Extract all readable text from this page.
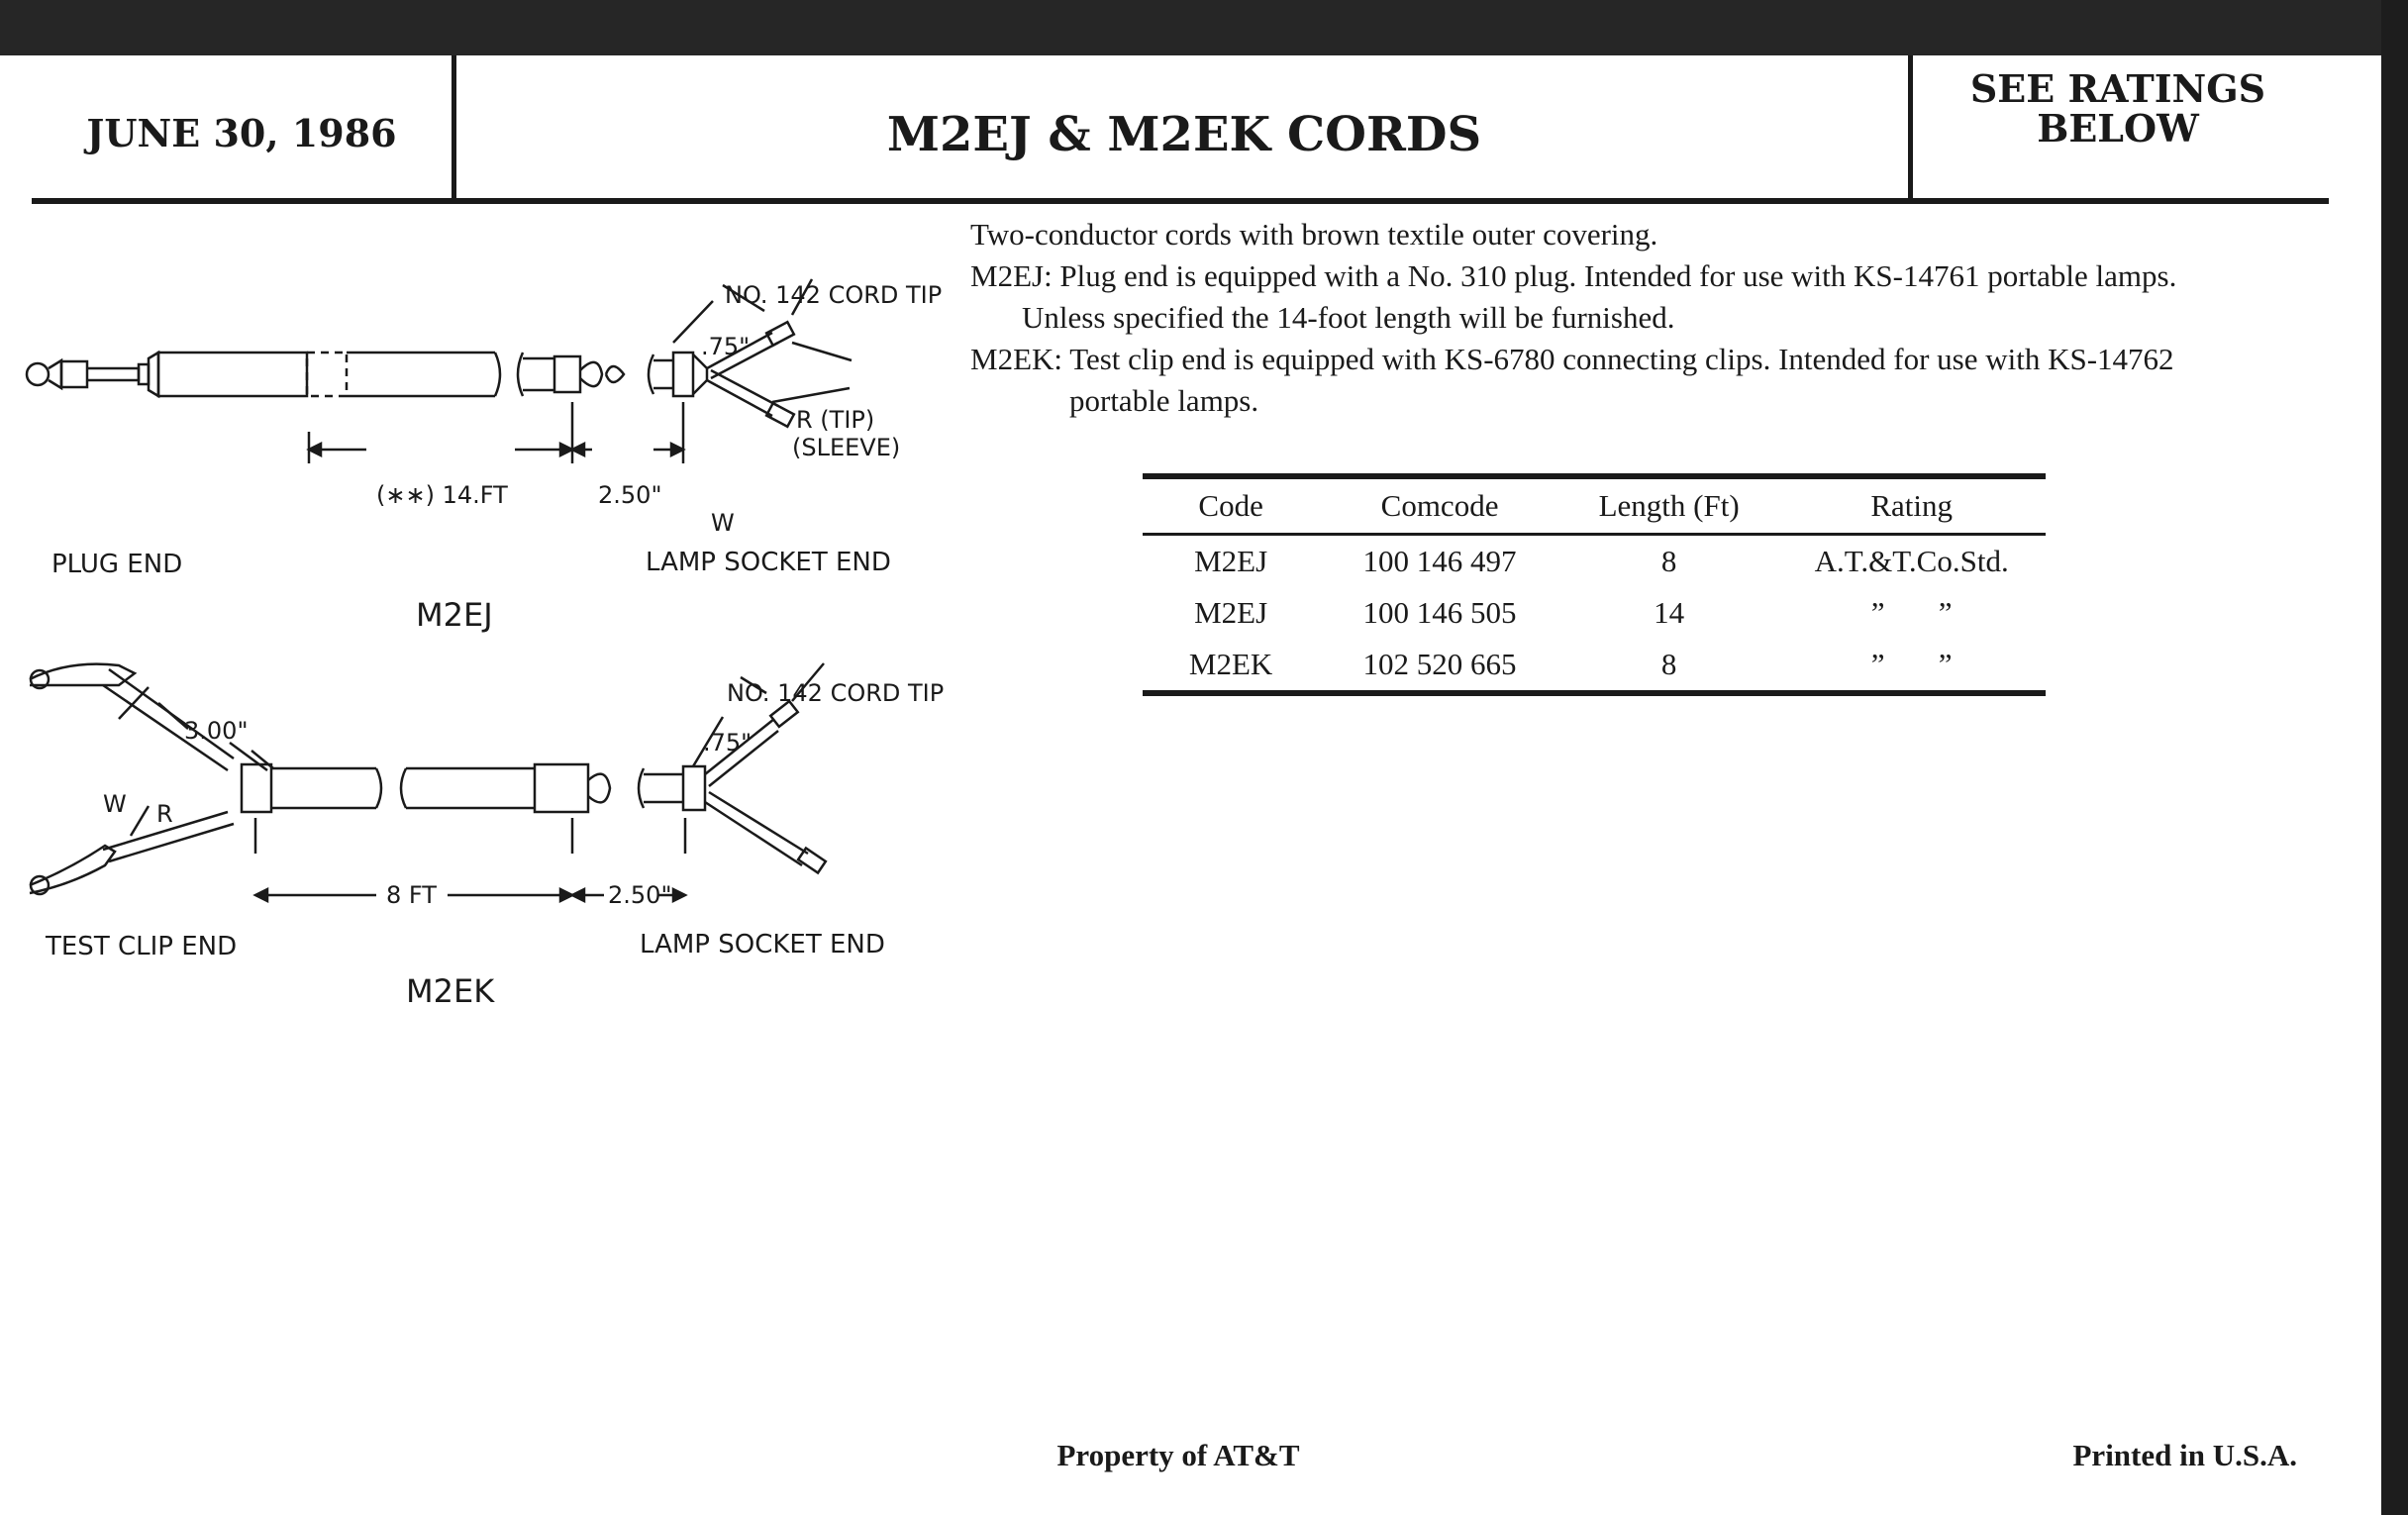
JUNE 30, 1986	M2EJ & M2EK CORDS
SEE RATINGS
BELOW
NO. 142 CORD TIP
.75"
R (TIP)
(SLEEVE)
W
(∗∗) 14.FT	2.50"
PLUG END	LAMP SOCKET END
M2EJ
NO. 142 CORD TIP
.75"
3.00"
W R
8 FT	2.50"
TEST CLIP END	LAMP SOCKET END
M2EK

Two-conductor cords with brown textile outer covering.

M2EJ: Plug end is equipped with a No. 310 plug. Intended for use with KS-14761 portable lamps.

Unless specified the 14-foot length will be furnished.

M2EK: Test clip end is equipped with KS-6780 connecting clips. Intended for use with KS-14762

portable lamps.

Code	Comcode	Length (Ft)	Rating
M2EJ	100 146 497	8	A.T.&T.Co.Std.
M2EJ	100 146 505	14	”       ”
M2EK	102 520 665	8	”       ”
Property of AT&T	Printed in U.S.A.
